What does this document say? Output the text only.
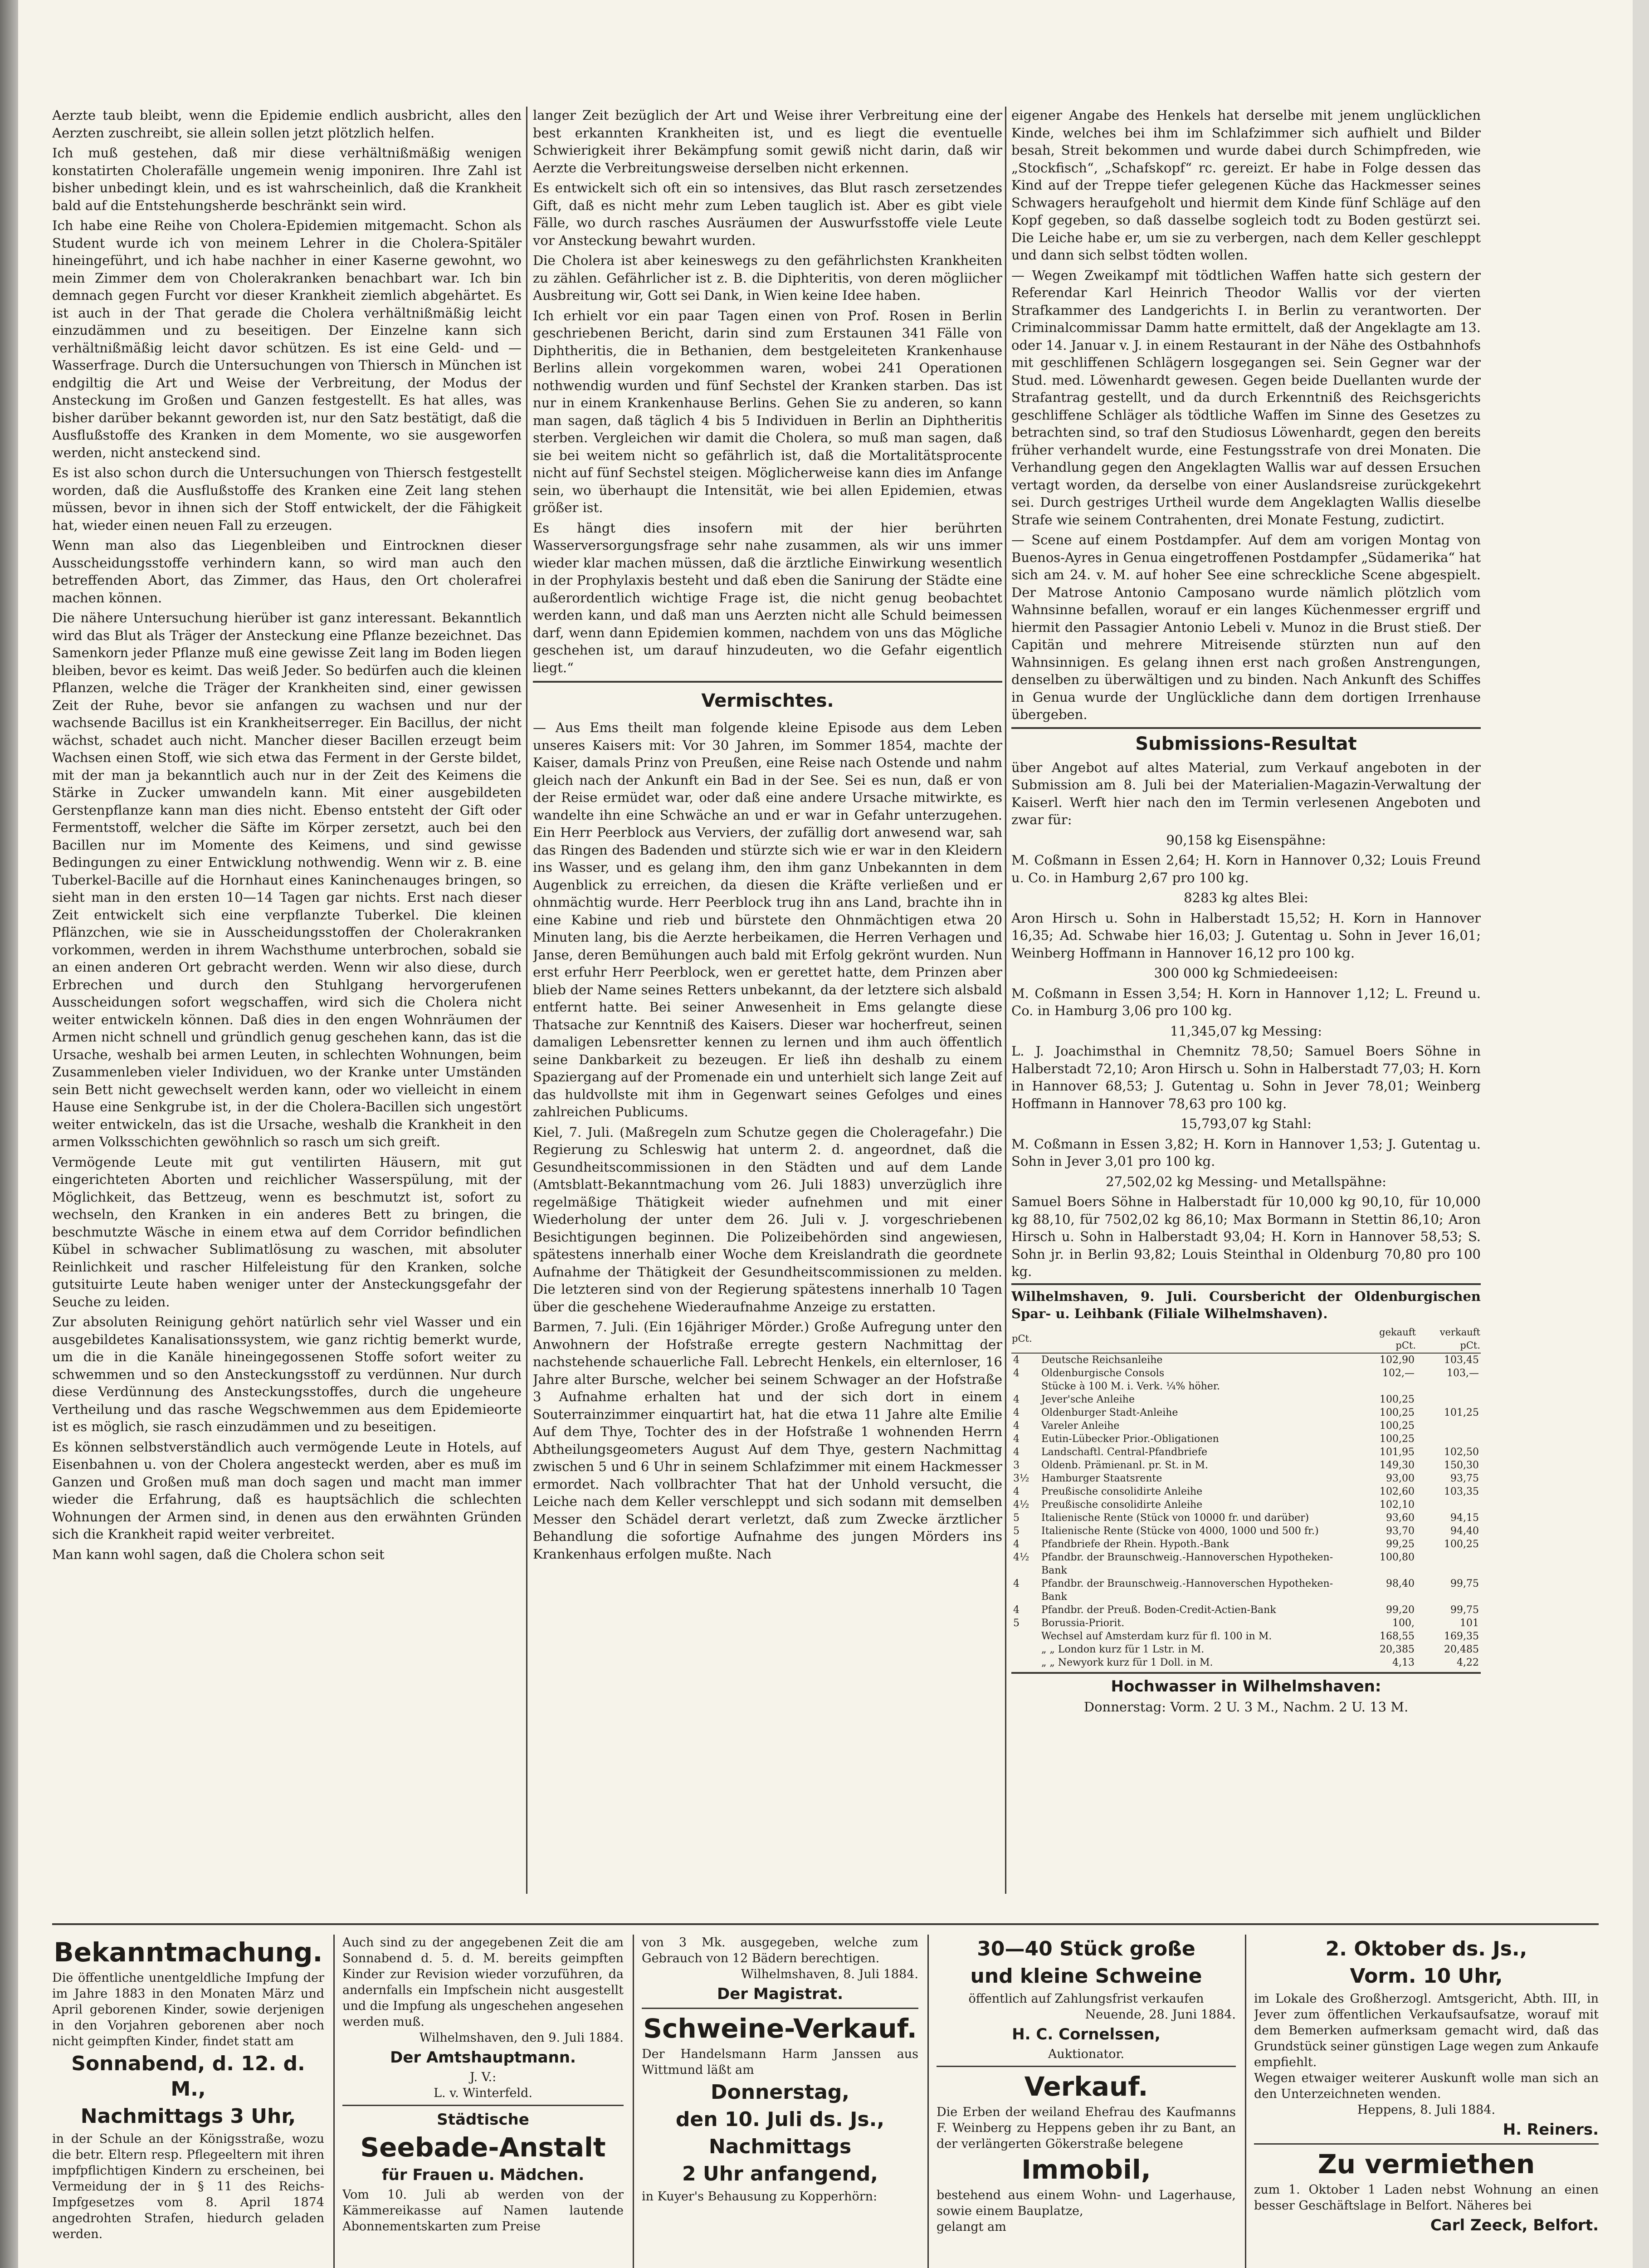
Aerzte taub bleibt, wenn die Epidemie endlich ausbricht, alles den Aerzten zuschreibt, sie allein sollen jetzt plötzlich helfen.

Ich muß gestehen, daß mir diese verhältnißmäßig wenigen konstatirten Cholerafälle ungemein wenig imponiren. Ihre Zahl ist bisher unbedingt klein, und es ist wahrscheinlich, daß die Krankheit bald auf die Entstehungsherde beschränkt sein wird.

Ich habe eine Reihe von Cholera-Epidemien mitgemacht. Schon als Student wurde ich von meinem Lehrer in die Cholera-Spitäler hineingeführt, und ich habe nachher in einer Kaserne gewohnt, wo mein Zimmer dem von Cholerakranken benachbart war. Ich bin demnach gegen Furcht vor dieser Krankheit ziemlich abgehärtet. Es ist auch in der That gerade die Cholera verhältnißmäßig leicht einzudämmen und zu beseitigen. Der Einzelne kann sich verhältnißmäßig leicht davor schützen. Es ist eine Geld- und — Wasserfrage. Durch die Untersuchungen von Thiersch in München ist endgiltig die Art und Weise der Verbreitung, der Modus der Ansteckung im Großen und Ganzen festgestellt. Es hat alles, was bisher darüber bekannt geworden ist, nur den Satz bestätigt, daß die Ausflußstoffe des Kranken in dem Momente, wo sie ausgeworfen werden, nicht ansteckend sind.

Es ist also schon durch die Untersuchungen von Thiersch festgestellt worden, daß die Ausflußstoffe des Kranken eine Zeit lang stehen müssen, bevor in ihnen sich der Stoff entwickelt, der die Fähigkeit hat, wieder einen neuen Fall zu erzeugen.

Wenn man also das Liegenbleiben und Eintrocknen dieser Ausscheidungsstoffe verhindern kann, so wird man auch den betreffenden Abort, das Zimmer, das Haus, den Ort cholerafrei machen können.

Die nähere Untersuchung hierüber ist ganz interessant. Bekanntlich wird das Blut als Träger der Ansteckung eine Pflanze bezeichnet. Das Samenkorn jeder Pflanze muß eine gewisse Zeit lang im Boden liegen bleiben, bevor es keimt. Das weiß Jeder. So bedürfen auch die kleinen Pflanzen, welche die Träger der Krankheiten sind, einer gewissen Zeit der Ruhe, bevor sie anfangen zu wachsen und nur der wachsende Bacillus ist ein Krankheitserreger. Ein Bacillus, der nicht wächst, schadet auch nicht. Mancher dieser Bacillen erzeugt beim Wachsen einen Stoff, wie sich etwa das Ferment in der Gerste bildet, mit der man ja bekanntlich auch nur in der Zeit des Keimens die Stärke in Zucker umwandeln kann. Mit einer ausgebildeten Gerstenpflanze kann man dies nicht. Ebenso entsteht der Gift oder Fermentstoff, welcher die Säfte im Körper zersetzt, auch bei den Bacillen nur im Momente des Keimens, und sind gewisse Bedingungen zu einer Entwicklung nothwendig. Wenn wir z. B. eine Tuberkel-Bacille auf die Hornhaut eines Kaninchenauges bringen, so sieht man in den ersten 10—14 Tagen gar nichts. Erst nach dieser Zeit entwickelt sich eine verpflanzte Tuberkel. Die kleinen Pflänzchen, wie sie in Ausscheidungsstoffen der Cholerakranken vorkommen, werden in ihrem Wachsthume unterbrochen, sobald sie an einen anderen Ort gebracht werden. Wenn wir also diese, durch Erbrechen und durch den Stuhlgang hervorgerufenen Ausscheidungen sofort wegschaffen, wird sich die Cholera nicht weiter entwickeln können. Daß dies in den engen Wohnräumen der Armen nicht schnell und gründlich genug geschehen kann, das ist die Ursache, weshalb bei armen Leuten, in schlechten Wohnungen, beim Zusammenleben vieler Individuen, wo der Kranke unter Umständen sein Bett nicht gewechselt werden kann, oder wo vielleicht in einem Hause eine Senkgrube ist, in der die Cholera-Bacillen sich ungestört weiter entwickeln, das ist die Ursache, weshalb die Krankheit in den armen Volksschichten gewöhnlich so rasch um sich greift.

Vermögende Leute mit gut ventilirten Häusern, mit gut eingerichteten Aborten und reichlicher Wasserspülung, mit der Möglichkeit, das Bettzeug, wenn es beschmutzt ist, sofort zu wechseln, den Kranken in ein anderes Bett zu bringen, die beschmutzte Wäsche in einem etwa auf dem Corridor befindlichen Kübel in schwacher Sublimatlösung zu waschen, mit absoluter Reinlichkeit und rascher Hilfeleistung für den Kranken, solche gutsituirte Leute haben weniger unter der Ansteckungsgefahr der Seuche zu leiden.

Zur absoluten Reinigung gehört natürlich sehr viel Wasser und ein ausgebildetes Kanalisationssystem, wie ganz richtig bemerkt wurde, um die in die Kanäle hineingegossenen Stoffe sofort weiter zu schwemmen und so den Ansteckungsstoff zu verdünnen. Nur durch diese Verdünnung des Ansteckungsstoffes, durch die ungeheure Vertheilung und das rasche Wegschwemmen aus dem Epidemieorte ist es möglich, sie rasch einzudämmen und zu beseitigen.

Es können selbstverständlich auch vermögende Leute in Hotels, auf Eisenbahnen u. von der Cholera angesteckt werden, aber es muß im Ganzen und Großen muß man doch sagen und macht man immer wieder die Erfahrung, daß es hauptsächlich die schlechten Wohnungen der Armen sind, in denen aus den erwähnten Gründen sich die Krankheit rapid weiter verbreitet.

Man kann wohl sagen, daß die Cholera schon seit

langer Zeit bezüglich der Art und Weise ihrer Verbreitung eine der best erkannten Krankheiten ist, und es liegt die eventuelle Schwierigkeit ihrer Bekämpfung somit gewiß nicht darin, daß wir Aerzte die Verbreitungsweise derselben nicht erkennen.

Es entwickelt sich oft ein so intensives, das Blut rasch zersetzendes Gift, daß es nicht mehr zum Leben tauglich ist. Aber es gibt viele Fälle, wo durch rasches Ausräumen der Auswurfsstoffe viele Leute vor Ansteckung bewahrt wurden.

Die Cholera ist aber keineswegs zu den gefährlichsten Krankheiten zu zählen. Gefährlicher ist z. B. die Diphteritis, von deren mögliicher Ausbreitung wir, Gott sei Dank, in Wien keine Idee haben.

Ich erhielt vor ein paar Tagen einen von Prof. Rosen in Berlin geschriebenen Bericht, darin sind zum Erstaunen 341 Fälle von Diphtheritis, die in Bethanien, dem bestgeleiteten Krankenhause Berlins allein vorgekommen waren, wobei 241 Operationen nothwendig wurden und fünf Sechstel der Kranken starben. Das ist nur in einem Krankenhause Berlins. Gehen Sie zu anderen, so kann man sagen, daß täglich 4 bis 5 Individuen in Berlin an Diphtheritis sterben. Vergleichen wir damit die Cholera, so muß man sagen, daß sie bei weitem nicht so gefährlich ist, daß die Mortalitätsprocente nicht auf fünf Sechstel steigen. Möglicherweise kann dies im Anfange sein, wo überhaupt die Intensität, wie bei allen Epidemien, etwas größer ist.

Es hängt dies insofern mit der hier berührten Wasserversorgungsfrage sehr nahe zusammen, als wir uns immer wieder klar machen müssen, daß die ärztliche Einwirkung wesentlich in der Prophylaxis besteht und daß eben die Sanirung der Städte eine außerordentlich wichtige Frage ist, die nicht genug beobachtet werden kann, und daß man uns Aerzten nicht alle Schuld beimessen darf, wenn dann Epidemien kommen, nachdem von uns das Mögliche geschehen ist, um darauf hinzudeuten, wo die Gefahr eigentlich liegt.“

Vermischtes.

— Aus Ems theilt man folgende kleine Episode aus dem Leben unseres Kaisers mit: Vor 30 Jahren, im Sommer 1854, machte der Kaiser, damals Prinz von Preußen, eine Reise nach Ostende und nahm gleich nach der Ankunft ein Bad in der See. Sei es nun, daß er von der Reise ermüdet war, oder daß eine andere Ursache mitwirkte, es wandelte ihn eine Schwäche an und er war in Gefahr unterzugehen. Ein Herr Peerblock aus Verviers, der zufällig dort anwesend war, sah das Ringen des Badenden und stürzte sich wie er war in den Kleidern ins Wasser, und es gelang ihm, den ihm ganz Unbekannten in dem Augenblick zu erreichen, da diesen die Kräfte verließen und er ohnmächtig wurde. Herr Peerblock trug ihn ans Land, brachte ihn in eine Kabine und rieb und bürstete den Ohnmächtigen etwa 20 Minuten lang, bis die Aerzte herbeikamen, die Herren Verhagen und Janse, deren Bemühungen auch bald mit Erfolg gekrönt wurden. Nun erst erfuhr Herr Peerblock, wen er gerettet hatte, dem Prinzen aber blieb der Name seines Retters unbekannt, da der letztere sich alsbald entfernt hatte. Bei seiner Anwesenheit in Ems gelangte diese Thatsache zur Kenntniß des Kaisers. Dieser war hocherfreut, seinen damaligen Lebensretter kennen zu lernen und ihm auch öffentlich seine Dankbarkeit zu bezeugen. Er ließ ihn deshalb zu einem Spaziergang auf der Promenade ein und unterhielt sich lange Zeit auf das huldvollste mit ihm in Gegenwart seines Gefolges und eines zahlreichen Publicums.

Kiel, 7. Juli. (Maßregeln zum Schutze gegen die Choleragefahr.) Die Regierung zu Schleswig hat unterm 2. d. angeordnet, daß die Gesundheitscommissionen in den Städten und auf dem Lande (Amtsblatt-Bekanntmachung vom 26. Juli 1883) unverzüglich ihre regelmäßige Thätigkeit wieder aufnehmen und mit einer Wiederholung der unter dem 26. Juli v. J. vorgeschriebenen Besichtigungen beginnen. Die Polizeibehörden sind angewiesen, spätestens innerhalb einer Woche dem Kreislandrath die geordnete Aufnahme der Thätigkeit der Gesundheitscommissionen zu melden. Die letzteren sind von der Regierung spätestens innerhalb 10 Tagen über die geschehene Wiederaufnahme Anzeige zu erstatten.

Barmen, 7. Juli. (Ein 16jähriger Mörder.) Große Aufregung unter den Anwohnern der Hofstraße erregte gestern Nachmittag der nachstehende schauerliche Fall. Lebrecht Henkels, ein elternloser, 16 Jahre alter Bursche, welcher bei seinem Schwager an der Hofstraße 3 Aufnahme erhalten hat und der sich dort in einem Souterrainzimmer einquartirt hat, hat die etwa 11 Jahre alte Emilie Auf dem Thye, Tochter des in der Hofstraße 1 wohnenden Herrn Abtheilungsgeometers August Auf dem Thye, gestern Nachmittag zwischen 5 und 6 Uhr in seinem Schlafzimmer mit einem Hackmesser ermordet. Nach vollbrachter That hat der Unhold versucht, die Leiche nach dem Keller verschleppt und sich sodann mit demselben Messer den Schädel derart verletzt, daß zum Zwecke ärztlicher Behandlung die sofortige Aufnahme des jungen Mörders ins Krankenhaus erfolgen mußte. Nach

eigener Angabe des Henkels hat derselbe mit jenem unglücklichen Kinde, welches bei ihm im Schlafzimmer sich aufhielt und Bilder besah, Streit bekommen und wurde dabei durch Schimpfreden, wie „Stockfisch“, „Schafskopf“ rc. gereizt. Er habe in Folge dessen das Kind auf der Treppe tiefer gelegenen Küche das Hackmesser seines Schwagers heraufgeholt und hiermit dem Kinde fünf Schläge auf den Kopf gegeben, so daß dasselbe sogleich todt zu Boden gestürzt sei. Die Leiche habe er, um sie zu verbergen, nach dem Keller geschleppt und dann sich selbst tödten wollen.

— Wegen Zweikampf mit tödtlichen Waffen hatte sich gestern der Referendar Karl Heinrich Theodor Wallis vor der vierten Strafkammer des Landgerichts I. in Berlin zu verantworten. Der Criminalcommissar Damm hatte ermittelt, daß der Angeklagte am 13. oder 14. Januar v. J. in einem Restaurant in der Nähe des Ostbahnhofs mit geschliffenen Schlägern losgegangen sei. Sein Gegner war der Stud. med. Löwenhardt gewesen. Gegen beide Duellanten wurde der Strafantrag gestellt, und da durch Erkenntniß des Reichsgerichts geschliffene Schläger als tödtliche Waffen im Sinne des Gesetzes zu betrachten sind, so traf den Studiosus Löwenhardt, gegen den bereits früher verhandelt wurde, eine Festungsstrafe von drei Monaten. Die Verhandlung gegen den Angeklagten Wallis war auf dessen Ersuchen vertagt worden, da derselbe von einer Auslandsreise zurückgekehrt sei. Durch gestriges Urtheil wurde dem Angeklagten Wallis dieselbe Strafe wie seinem Contrahenten, drei Monate Festung, zudictirt.

— Scene auf einem Postdampfer. Auf dem am vorigen Montag von Buenos-Ayres in Genua eingetroffenen Postdampfer „Südamerika“ hat sich am 24. v. M. auf hoher See eine schreckliche Scene abgespielt. Der Matrose Antonio Camposano wurde nämlich plötzlich vom Wahnsinne befallen, worauf er ein langes Küchenmesser ergriff und hiermit den Passagier Antonio Lebeli v. Munoz in die Brust stieß. Der Capitän und mehrere Mitreisende stürzten nun auf den Wahnsinnigen. Es gelang ihnen erst nach großen Anstrengungen, denselben zu überwältigen und zu binden. Nach Ankunft des Schiffes in Genua wurde der Unglückliche dann dem dortigen Irrenhause übergeben.

Submissions-Resultat

über Angebot auf altes Material, zum Verkauf angeboten in der Submission am 8. Juli bei der Materialien-Magazin-Verwaltung der Kaiserl. Werft hier nach den im Termin verlesenen Angeboten und zwar für:

90,158 kg Eisenspähne:

M. Coßmann in Essen 2,64; H. Korn in Hannover 0,32; Louis Freund u. Co. in Hamburg 2,67 pro 100 kg.

8283 kg altes Blei:

Aron Hirsch u. Sohn in Halberstadt 15,52; H. Korn in Hannover 16,35; Ad. Schwabe hier 16,03; J. Gutentag u. Sohn in Jever 16,01; Weinberg Hoffmann in Hannover 16,12 pro 100 kg.

300 000 kg Schmiedeeisen:

M. Coßmann in Essen 3,54; H. Korn in Hannover 1,12; L. Freund u. Co. in Hamburg 3,06 pro 100 kg.

11,345,07 kg Messing:

L. J. Joachimsthal in Chemnitz 78,50; Samuel Boers Söhne in Halberstadt 72,10; Aron Hirsch u. Sohn in Halberstadt 77,03; H. Korn in Hannover 68,53; J. Gutentag u. Sohn in Jever 78,01; Weinberg Hoffmann in Hannover 78,63 pro 100 kg.

15,793,07 kg Stahl:

M. Coßmann in Essen 3,82; H. Korn in Hannover 1,53; J. Gutentag u. Sohn in Jever 3,01 pro 100 kg.

27,502,02 kg Messing- und Metallspähne:

Samuel Boers Söhne in Halberstadt für 10,000 kg 90,10, für 10,000 kg 88,10, für 7502,02 kg 86,10; Max Bormann in Stettin 86,10; Aron Hirsch u. Sohn in Halberstadt 93,04; H. Korn in Hannover 58,53; S. Sohn jr. in Berlin 93,82; Louis Steinthal in Oldenburg 70,80 pro 100 kg.

Wilhelmshaven, 9. Juli. Coursbericht der Oldenburgischen Spar- u. Leihbank (Filiale Wilhelmshaven).

pCt.		gekauft pCt.	verkauft pCt.
4	Deutsche Reichsanleihe	102,90	103,45
4	Oldenburgische Consols	102,—	103,—
	Stücke à 100 M. i. Verk. ¼% höher.		
4	Jever'sche Anleihe	100,25	
4	Oldenburger Stadt-Anleihe	100,25	101,25
4	Vareler Anleihe	100,25	
4	Eutin-Lübecker Prior.-Obligationen	100,25	
4	Landschaftl. Central-Pfandbriefe	101,95	102,50
3	Oldenb. Prämienanl. pr. St. in M.	149,30	150,30
3½	Hamburger Staatsrente	93,00	93,75
4	Preußische consolidirte Anleihe	102,60	103,35
4½	Preußische consolidirte Anleihe	102,10	
5	Italienische Rente (Stück von 10000 fr. und darüber)	93,60	94,15
5	Italienische Rente (Stücke von 4000, 1000 und 500 fr.)	93,70	94,40
4	Pfandbriefe der Rhein. Hypoth.-Bank	99,25	100,25
4½	Pfandbr. der Braunschweig.-Hannoverschen Hypotheken-Bank	100,80	
4	Pfandbr. der Braunschweig.-Hannoverschen Hypotheken-Bank	98,40	99,75
4	Pfandbr. der Preuß. Boden-Credit-Actien-Bank	99,20	99,75
5	Borussia-Priorit.	100,	101
	Wechsel auf Amsterdam kurz für fl. 100 in M.	168,55	169,35
	„ „ London kurz für 1 Lstr. in M.	20,385	20,485
	„ „ Newyork kurz für 1 Doll. in M.	4,13	4,22
Hochwasser in Wilhelmshaven:

Donnerstag: Vorm. 2 U. 3 M., Nachm. 2 U. 13 M.

Bekanntmachung.

Die öffentliche unentgeldliche Impfung der im Jahre 1883 in den Monaten März und April geborenen Kinder, sowie derjenigen in den Vorjahren geborenen aber noch nicht geimpften Kinder, findet statt am

Sonnabend, d. 12. d. M.,
Nachmittags 3 Uhr,

in der Schule an der Königsstraße, wozu die betr. Eltern resp. Pflegeeltern mit ihren impfpflichtigen Kindern zu erscheinen, bei Vermeidung der in § 11 des Reichs-Impfgesetzes vom 8. April 1874 angedrohten Strafen, hiedurch geladen werden.

Auch sind zu der angegebenen Zeit die am Sonnabend d. 5. d. M. bereits geimpften Kinder zur Revision wieder vorzuführen, da andernfalls ein Impfschein nicht ausgestellt und die Impfung als ungeschehen angesehen werden muß.

Wilhelmshaven, den 9. Juli 1884.

Der Amtshauptmann.

J. V.:

L. v. Winterfeld.

Städtische
Seebade-Anstalt
für Frauen u. Mädchen.

Vom 10. Juli ab werden von der Kämmereikasse auf Namen lautende Abonnementskarten zum Preise

von 3 Mk. ausgegeben, welche zum Gebrauch von 12 Bädern berechtigen.

Wilhelmshaven, 8. Juli 1884.

Der Magistrat.
Schweine-Verkauf.

Der Handelsmann Harm Janssen aus Wittmund läßt am

Donnerstag,
den 10. Juli ds. Js.,
Nachmittags
2 Uhr anfangend,

in Kuyer's Behausung zu Kopperhörn:

30—40 Stück große
und kleine Schweine

öffentlich auf Zahlungsfrist verkaufen

Neuende, 28. Juni 1884.

H. C. Cornelssen,

Auktionator.

Verkauf.

Die Erben der weiland Ehefrau des Kaufmanns F. Weinberg zu Heppens geben ihr zu Bant, an der verlängerten Gökerstraße belegene

Immobil,

bestehend aus einem Wohn- und Lagerhause, sowie einem Bauplatze,

gelangt am

2. Oktober ds. Js.,
Vorm. 10 Uhr,

im Lokale des Großherzogl. Amtsgericht, Abth. III, in Jever zum öffentlichen Verkaufsaufsatze, worauf mit dem Bemerken aufmerksam gemacht wird, daß das Grundstück seiner günstigen Lage wegen zum Ankaufe empfiehlt.

Wegen etwaiger weiterer Auskunft wolle man sich an den Unterzeichneten wenden.

Heppens, 8. Juli 1884.

H. Reiners.
Zu vermiethen

zum 1. Oktober 1 Laden nebst Wohnung an einen besser Geschäftslage in Belfort. Näheres bei

Carl Zeeck, Belfort.
